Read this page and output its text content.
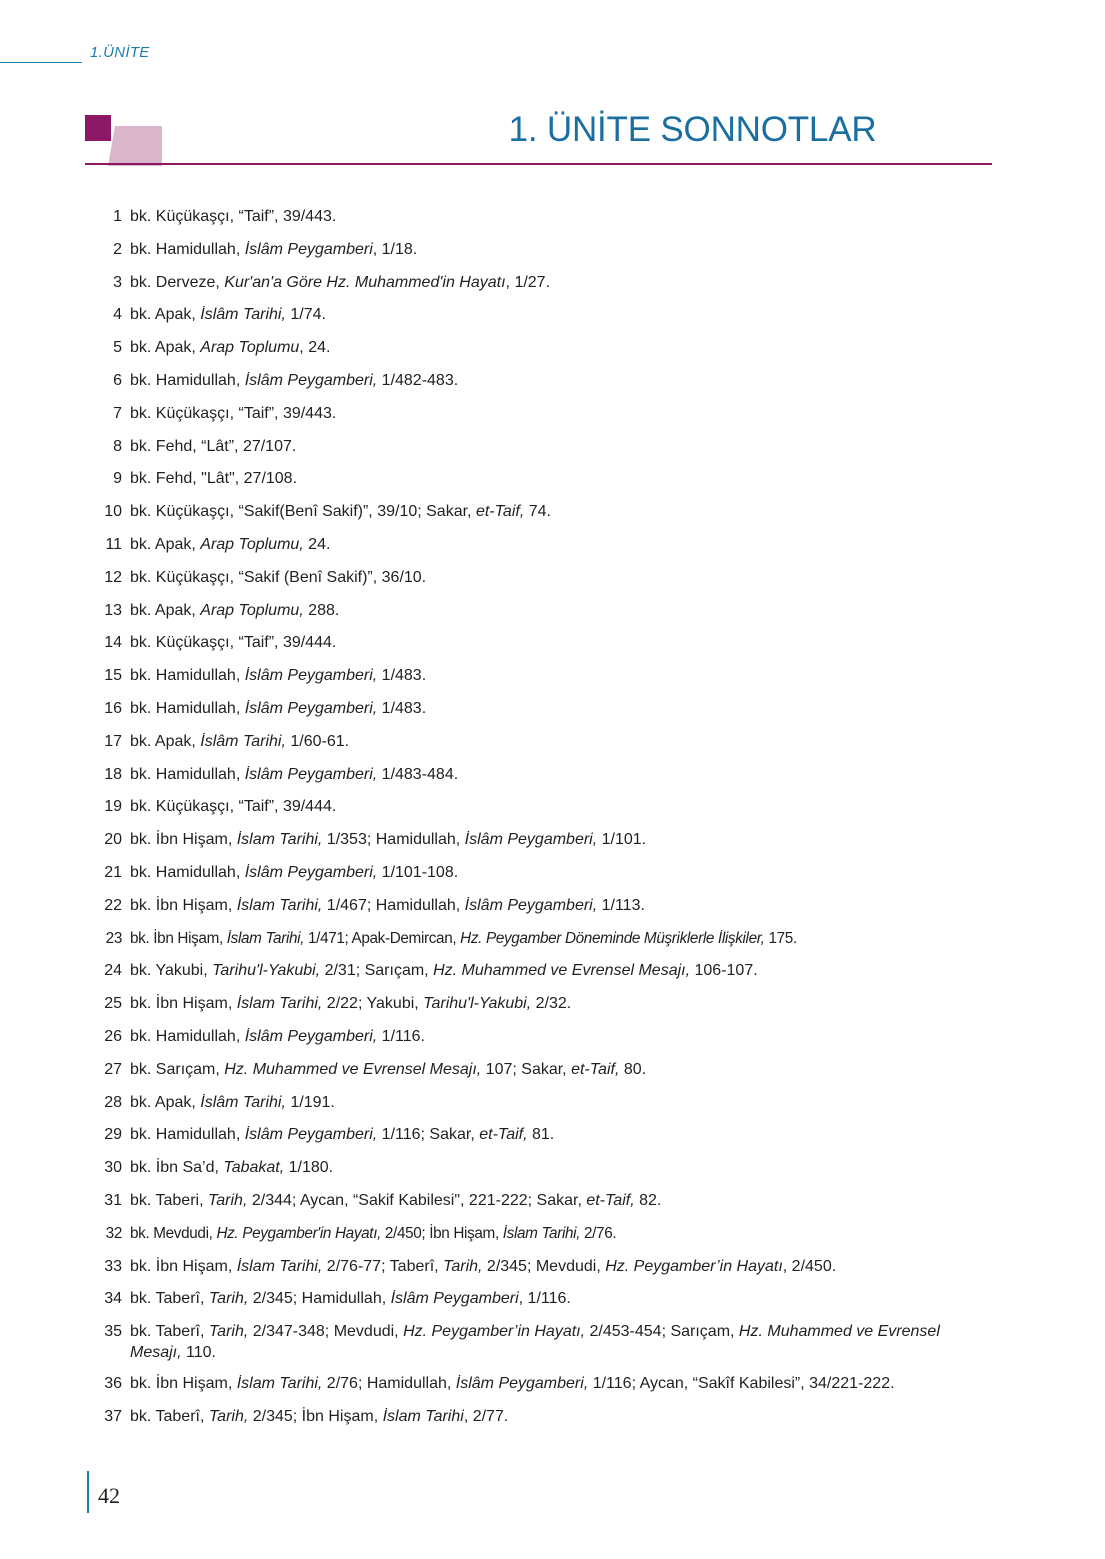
1.ÜNİTE
1. ÜNİTE SONNOTLAR
1 bk. Küçükaşçı, “Taif”, 39/443.
2 bk. Hamidullah, İslâm Peygamberi, 1/18.
3 bk. Derveze, Kur'an'a Göre Hz. Muhammed'in Hayatı, 1/27.
4 bk. Apak, İslâm Tarihi, 1/74.
5 bk. Apak, Arap Toplumu, 24.
6 bk. Hamidullah, İslâm Peygamberi, 1/482-483.
7 bk. Küçükaşçı, “Taif”, 39/443.
8 bk. Fehd, “Lât”, 27/107.
9 bk. Fehd, "Lât", 27/108.
10 bk. Küçükaşçı, “Sakif(Benî Sakif)”, 39/10; Sakar, et-Taif, 74.
11 bk. Apak, Arap Toplumu, 24.
12 bk. Küçükaşçı, “Sakif (Benî Sakif)”, 36/10.
13 bk. Apak, Arap Toplumu, 288.
14 bk. Küçükaşçı, “Taif”, 39/444.
15 bk. Hamidullah, İslâm Peygamberi, 1/483.
16 bk. Hamidullah, İslâm Peygamberi, 1/483.
17 bk. Apak, İslâm Tarihi, 1/60-61.
18 bk. Hamidullah, İslâm Peygamberi, 1/483-484.
19 bk. Küçükaşçı, “Taif”, 39/444.
20 bk. İbn Hişam, İslam Tarihi, 1/353; Hamidullah, İslâm Peygamberi, 1/101.
21 bk. Hamidullah, İslâm Peygamberi, 1/101-108.
22 bk. İbn Hişam, İslam Tarihi, 1/467; Hamidullah, İslâm Peygamberi, 1/113.
23 bk. İbn Hişam, İslam Tarihi, 1/471; Apak-Demircan, Hz. Peygamber Döneminde Müşriklerle İlişkiler, 175.
24 bk. Yakubi, Tarihu'l-Yakubi, 2/31; Sarıçam, Hz. Muhammed ve Evrensel Mesajı, 106-107.
25 bk. İbn Hişam, İslam Tarihi, 2/22; Yakubi, Tarihu'l-Yakubi, 2/32.
26 bk. Hamidullah, İslâm Peygamberi, 1/116.
27 bk. Sarıçam, Hz. Muhammed ve Evrensel Mesajı, 107; Sakar, et-Taif, 80.
28 bk. Apak, İslâm Tarihi, 1/191.
29 bk. Hamidullah, İslâm Peygamberi, 1/116; Sakar, et-Taif, 81.
30 bk. İbn Sa’d, Tabakat, 1/180.
31 bk. Taberi, Tarih, 2/344; Aycan, “Sakif Kabilesi", 221-222; Sakar, et-Taif, 82.
32 bk. Mevdudi, Hz. Peygamber'in Hayatı, 2/450; İbn Hişam, İslam Tarihi, 2/76.
33 bk. İbn Hişam, İslam Tarihi, 2/76-77; Taberî, Tarih, 2/345; Mevdudi, Hz. Peygamber’in Hayatı, 2/450.
34 bk. Taberî, Tarih, 2/345; Hamidullah, İslâm Peygamberi, 1/116.
35 bk. Taberî, Tarih, 2/347-348; Mevdudi, Hz. Peygamber’in Hayatı, 2/453-454; Sarıçam, Hz. Muhammed ve Evrensel Mesajı, 110.
36 bk. İbn Hişam, İslam Tarihi, 2/76; Hamidullah, İslâm Peygamberi, 1/116; Aycan, “Sakîf Kabilesi”, 34/221-222.
37 bk. Taberî, Tarih, 2/345; İbn Hişam, İslam Tarihi, 2/77.
42
